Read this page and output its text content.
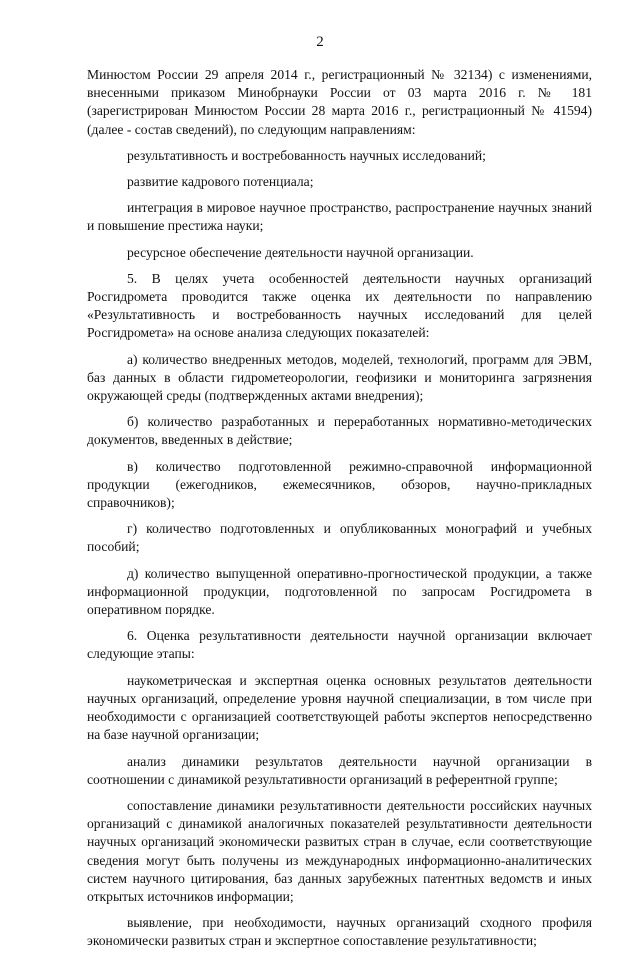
2

Минюстом России 29 апреля 2014 г., регистрационный № 32134) с изменениями, внесенными приказом Минобрнауки России от 03 марта 2016 г. № 181 (зарегистрирован Минюстом России 28 марта 2016 г., регистрационный № 41594) (далее - состав сведений), по следующим направлениям:

результативность и востребованность научных исследований;

развитие кадрового потенциала;

интеграция в мировое научное пространство, распространение научных знаний и повышение престижа науки;

ресурсное обеспечение деятельности научной организации.

5. В целях учета особенностей деятельности научных организаций Росгидромета проводится также оценка их деятельности по направлению «Результативность и востребованность научных исследований для целей Росгидромета» на основе анализа следующих показателей:

а) количество внедренных методов, моделей, технологий, программ для ЭВМ, баз данных в области гидрометеорологии, геофизики и мониторинга загрязнения окружающей среды (подтвержденных актами внедрения);

б) количество разработанных и переработанных нормативно-методических документов, введенных в действие;

в) количество подготовленной режимно-справочной информационной продукции (ежегодников, ежемесячников, обзоров, научно-прикладных справочников);

г) количество подготовленных и опубликованных монографий и учебных пособий;

д) количество выпущенной оперативно-прогностической продукции, а также информационной продукции, подготовленной по запросам Росгидромета в оперативном порядке.

6. Оценка результативности деятельности научной организации включает следующие этапы:

наукометрическая и экспертная оценка основных результатов деятельности научных организаций, определение уровня научной специализации, в том числе при необходимости с организацией соответствующей работы экспертов непосредственно на базе научной организации;

анализ динамики результатов деятельности научной организации в соотношении с динамикой результативности организаций в референтной группе;

сопоставление динамики результативности деятельности российских научных организаций с динамикой аналогичных показателей результативности деятельности научных организаций экономически развитых стран в случае, если соответствующие сведения могут быть получены из международных информационно-аналитических систем научного цитирования, баз данных зарубежных патентных ведомств и иных открытых источников информации;

выявление, при необходимости, научных организаций сходного профиля экономически развитых стран и экспертное сопоставление результативности;
